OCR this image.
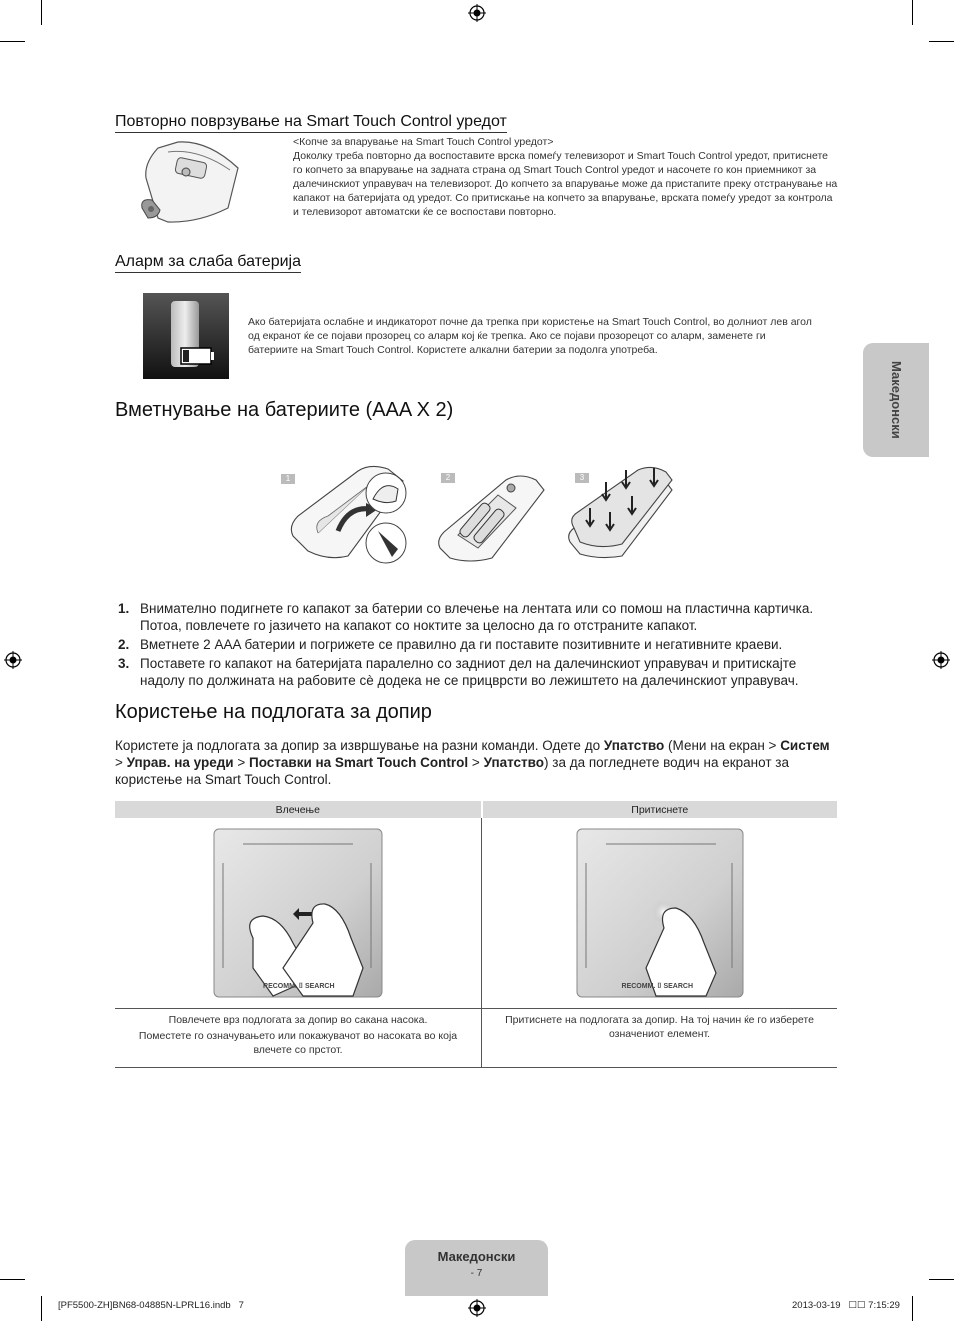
Повторно поврзување на Smart Touch Control уредот
<Копче за впарување на Smart Touch Control уредот>
Доколку треба повторно да воспоставите врска помеѓу телевизорот и Smart Touch Control уредот, притиснете го копчето за впарување на задната страна од Smart Touch Control уредот и насочете го кон приемникот за далечинскиот управувач на телевизорот. До копчето за впарување може да пристапите преку отстранување на капакот на батеријата од уредот. Со притискање на копчето за впарување, врската помеѓу уредот за контрола и телевизорот автоматски ќе се воспостави повторно.
Аларм за слаба батерија
Ако батеријата ослабне и индикаторот почне да трепка при користење на Smart Touch Control, во долниот лев агол од екранот ќе се појави прозорец со аларм кој ќе трепка. Ако се појави прозорецот со аларм, заменете ги батериите на Smart Touch Control. Користете алкални батерии за подолга употреба.
Вметнување на батериите (AAA X 2)
1	2	3
1. Внимателно подигнете го капакот за батерии со влечење на лентата или со помош на пластична картичка. Потоа, повлечете го јазичето на капакот со ноктите за целосно да го отстраните капакот.
2. Вметнете 2 AAA батерии и погрижете се правилно да ги поставите позитивните и негативните краеви.
3. Поставете го капакот на батеријата паралелно со задниот дел на далечинскиот управувач и притискајте надолу по должината на рабовите сè додека не се прицврсти во лежиштето на далечинскиот управувач.
Користење на подлогата за допир
Користете ја подлогата за допир за извршување на разни команди. Одете до Упатство (Мени на екран > Систем > Управ. на уреди > Поставки на Smart Touch Control > Упатство) за да погледнете водич на екранот за користење на Smart Touch Control.
Влечење	Притиснете

RECOMM. ⌷ SEARCH	RECOMM. ⌷ SEARCH

Повлечете врз подлогата за допир во сакана насока.
Поместете го означувањето или покажувачот во насоката во која влечете со прстот.	Притиснете на подлогата за допир. На тој начин ќе го изберете означениот елемент.
Македонски
Македонски
- 7
[PF5500-ZH]BN68-04885N-LPRL16.indb   7	2013-03-19   ☐☐ 7:15:29
